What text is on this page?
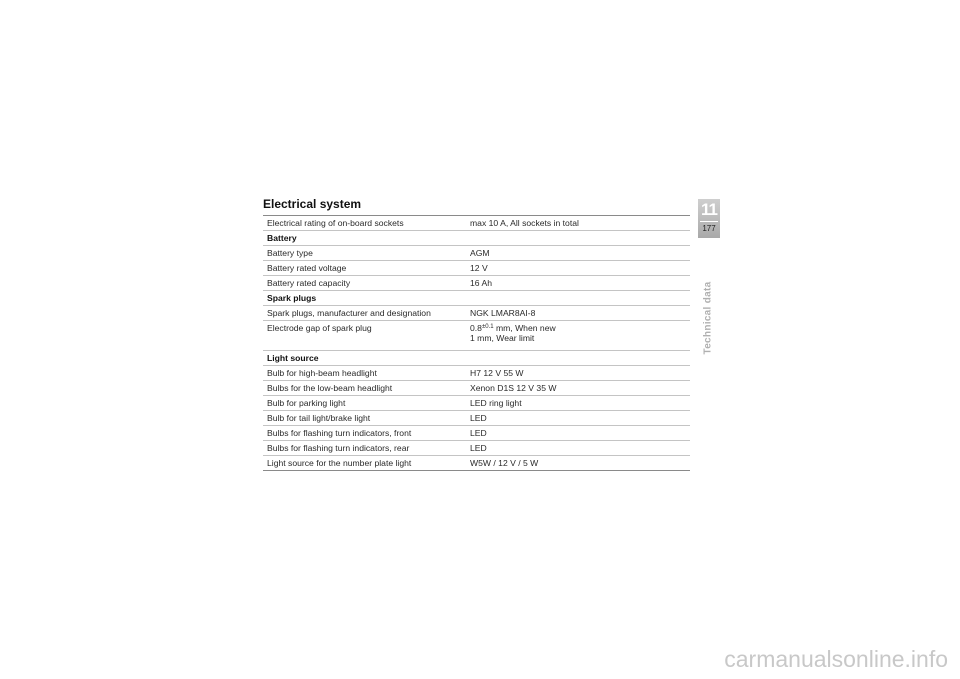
Electrical system
Electrical rating of on-board sockets	max 10 A, All sockets in total
Battery	
Battery type	AGM
Battery rated voltage	12 V
Battery rated capacity	16 Ah
Spark plugs	
Spark plugs, manufacturer and designation	NGK LMAR8AI-8
Electrode gap of spark plug	$0.8^{\pm 0.1}$ mm, When new
1 mm, Wear limit
Light source	
Bulb for high-beam headlight	H7 12 V 55 W
Bulbs for the low-beam headlight	Xenon D1S 12 V 35 W
Bulb for parking light	LED ring light
Bulb for tail light/brake light	LED
Bulbs for flashing turn indicators, front	LED
Bulbs for flashing turn indicators, rear	LED
Light source for the number plate light	W5W / 12 V / 5 W
11
177
Technical data
carmanualsonline.info
